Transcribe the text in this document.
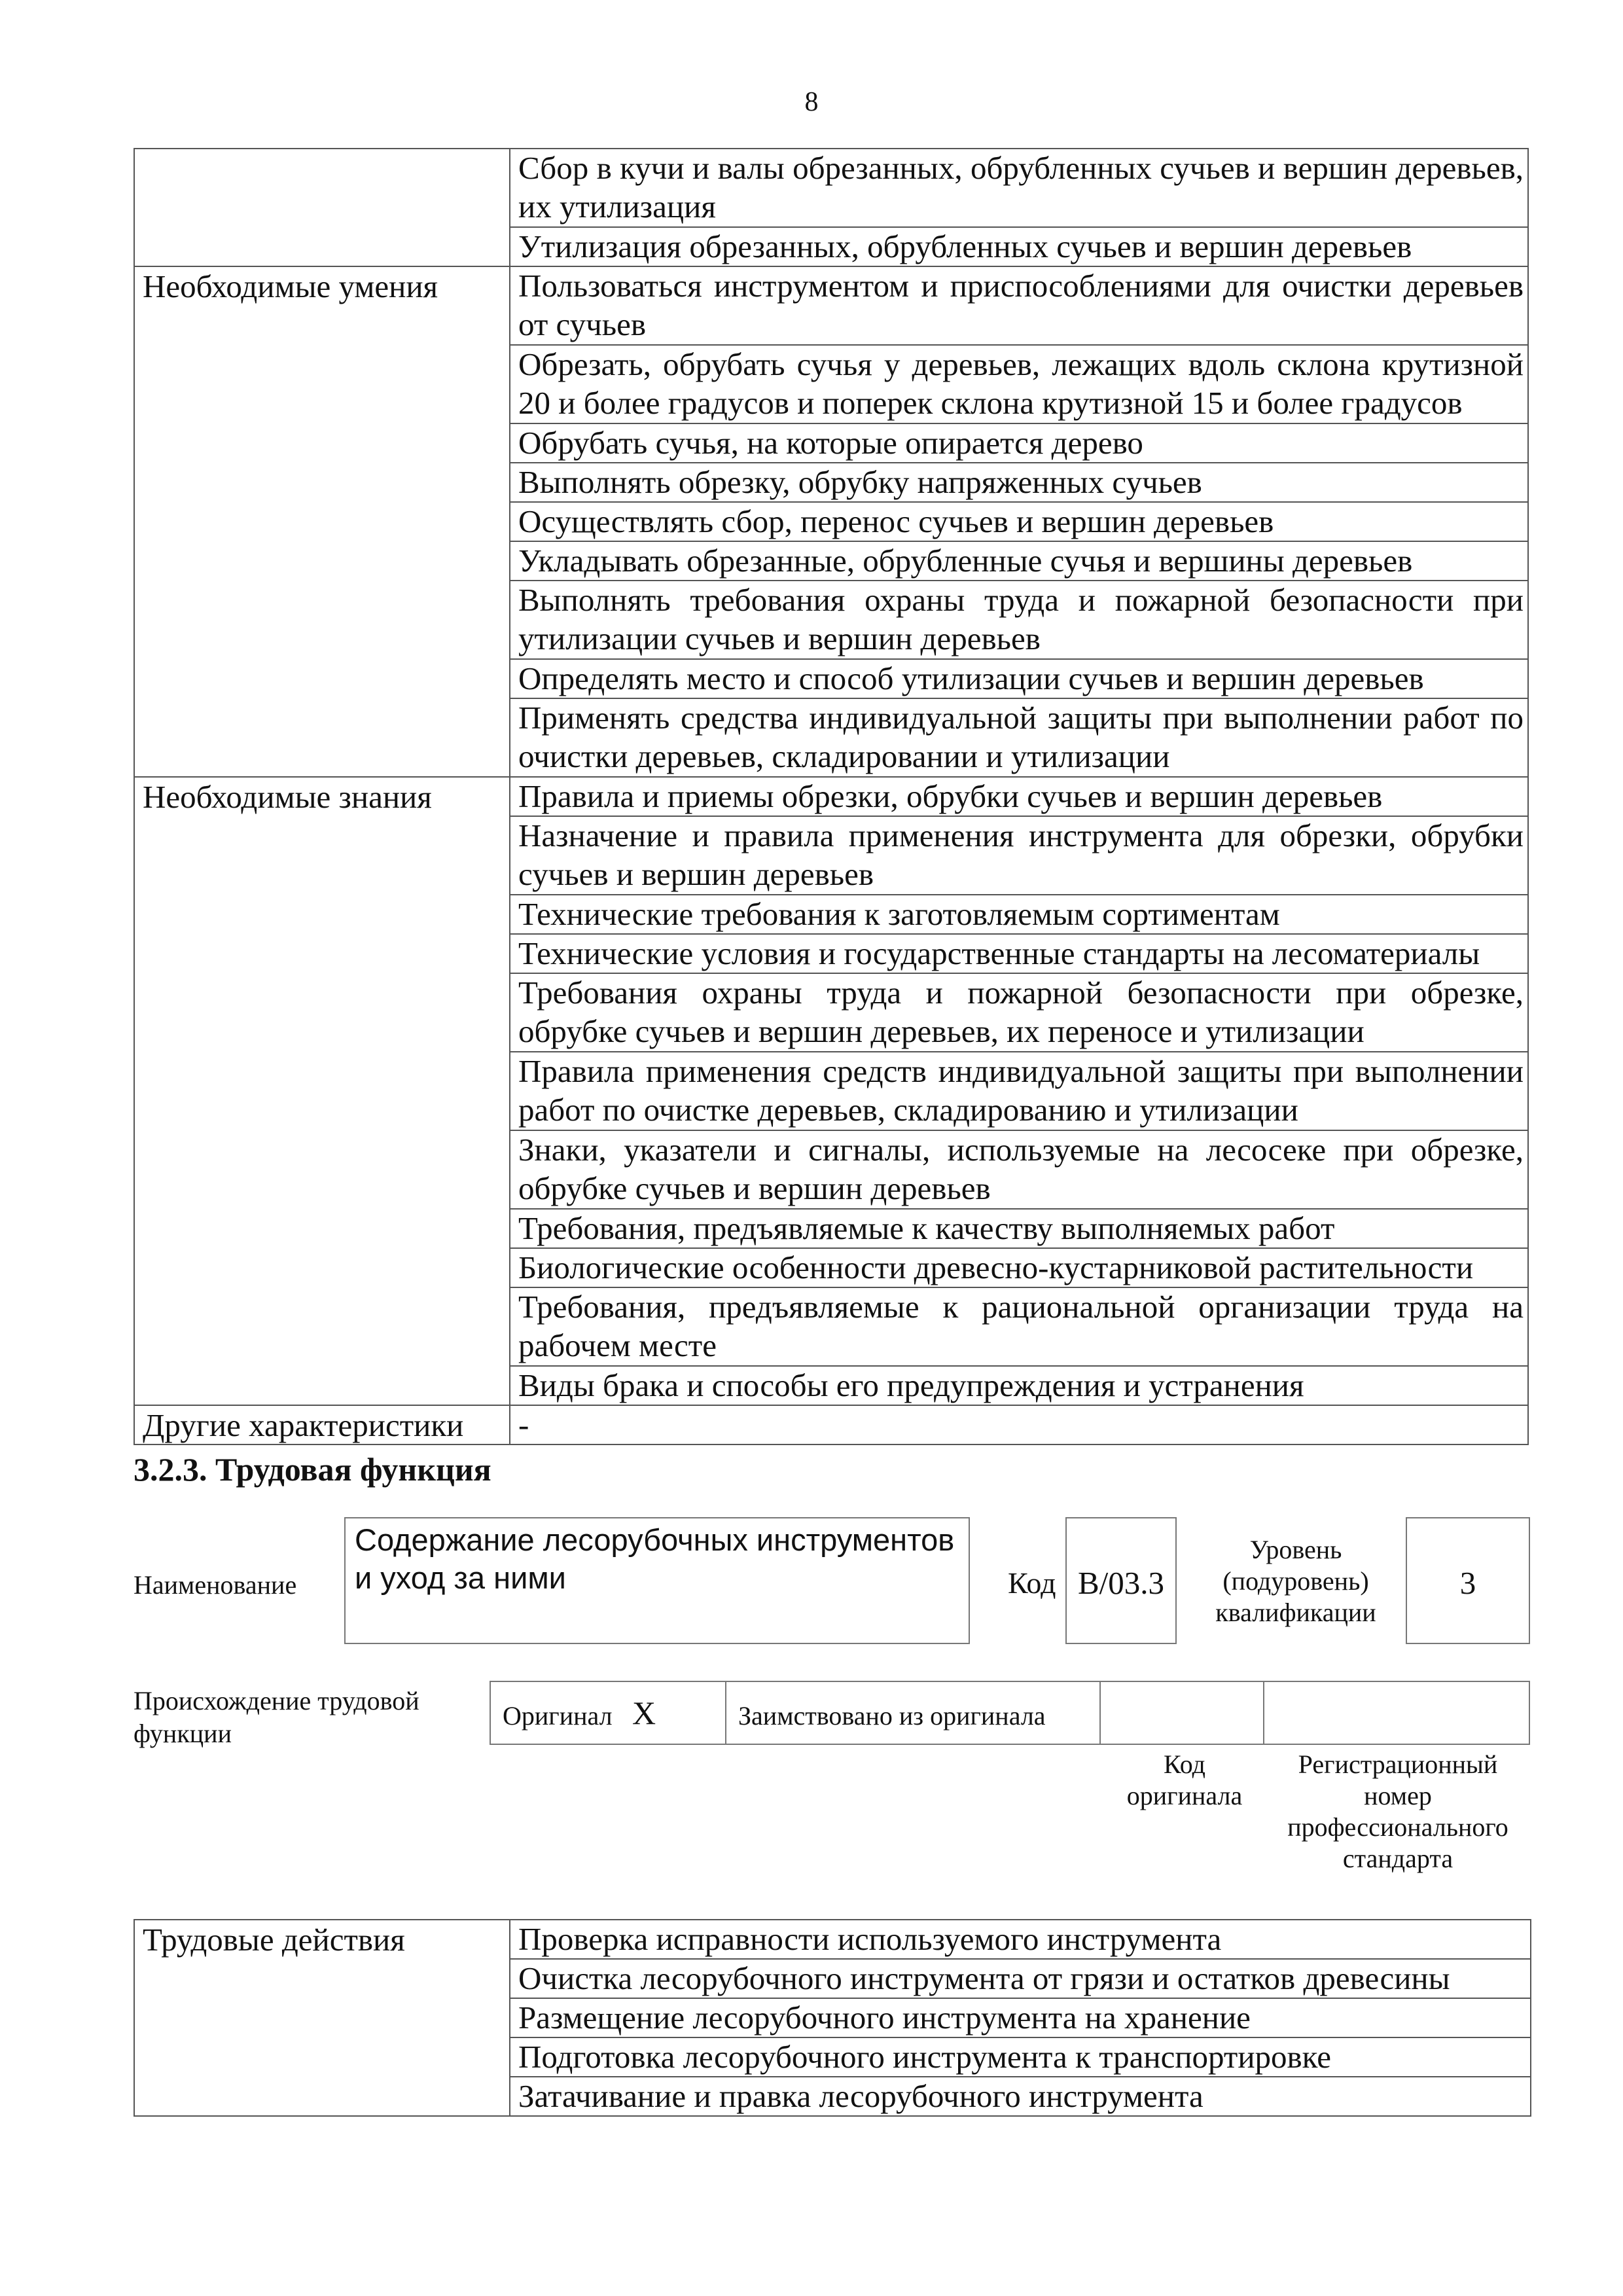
8

	Сбор в кучи и валы обрезанных, обрубленных сучьев и вершин деревьев, их утилизация

	Утилизация обрезанных, обрубленных сучьев и вершин деревьев

Необходимые умения	Пользоваться инструментом и приспособлениями для очистки деревьев от сучьев

	Обрезать, обрубать сучья у деревьев, лежащих вдоль склона крутизной 20 и более градусов и поперек склона крутизной 15 и более градусов

	Обрубать сучья, на которые опирается дерево

	Выполнять обрезку, обрубку напряженных сучьев

	Осуществлять сбор, перенос сучьев и вершин деревьев

	Укладывать обрезанные, обрубленные сучья и вершины деревьев

	Выполнять требования охраны труда и пожарной безопасности при утилизации сучьев и вершин деревьев

	Определять место и способ утилизации сучьев и вершин деревьев

	Применять средства индивидуальной защиты при выполнении работ по очистки деревьев, складировании и утилизации

Необходимые знания	Правила и приемы обрезки, обрубки сучьев и вершин деревьев

	Назначение и правила применения инструмента для обрезки, обрубки сучьев и вершин деревьев

	Технические требования к заготовляемым сортиментам

	Технические условия и государственные стандарты на лесоматериалы

	Требования охраны труда и пожарной безопасности при обрезке, обрубке сучьев и вершин деревьев, их переносе и утилизации

	Правила применения средств индивидуальной защиты при выполнении работ по очистке деревьев, складированию и утилизации

	Знаки, указатели и сигналы, используемые на лесосеке при обрезке, обрубке сучьев и вершин деревьев

	Требования, предъявляемые к качеству выполняемых работ

	Биологические особенности древесно-кустарниковой растительности

	Требования, предъявляемые к рациональной организации труда на рабочем месте

	Виды брака и способы его предупреждения и устранения

Другие характеристики	-
3.2.3. Трудовая функция
Наименование
Содержание лесорубочных инструментов и уход за ними	Код B/03.3
Уровень (подуровень) квалификации
3
Происхождение трудовой функции
Оригинал X	Заимствовано из оригинала
Код оригинала
Регистрационный номер профессионального стандарта
Трудовые действия	Проверка исправности используемого инструмента

Очистка лесорубочного инструмента от грязи и остатков древесины

Размещение лесорубочного инструмента на хранение

Подготовка лесорубочного инструмента к транспортировке

Затачивание и правка лесорубочного инструмента
